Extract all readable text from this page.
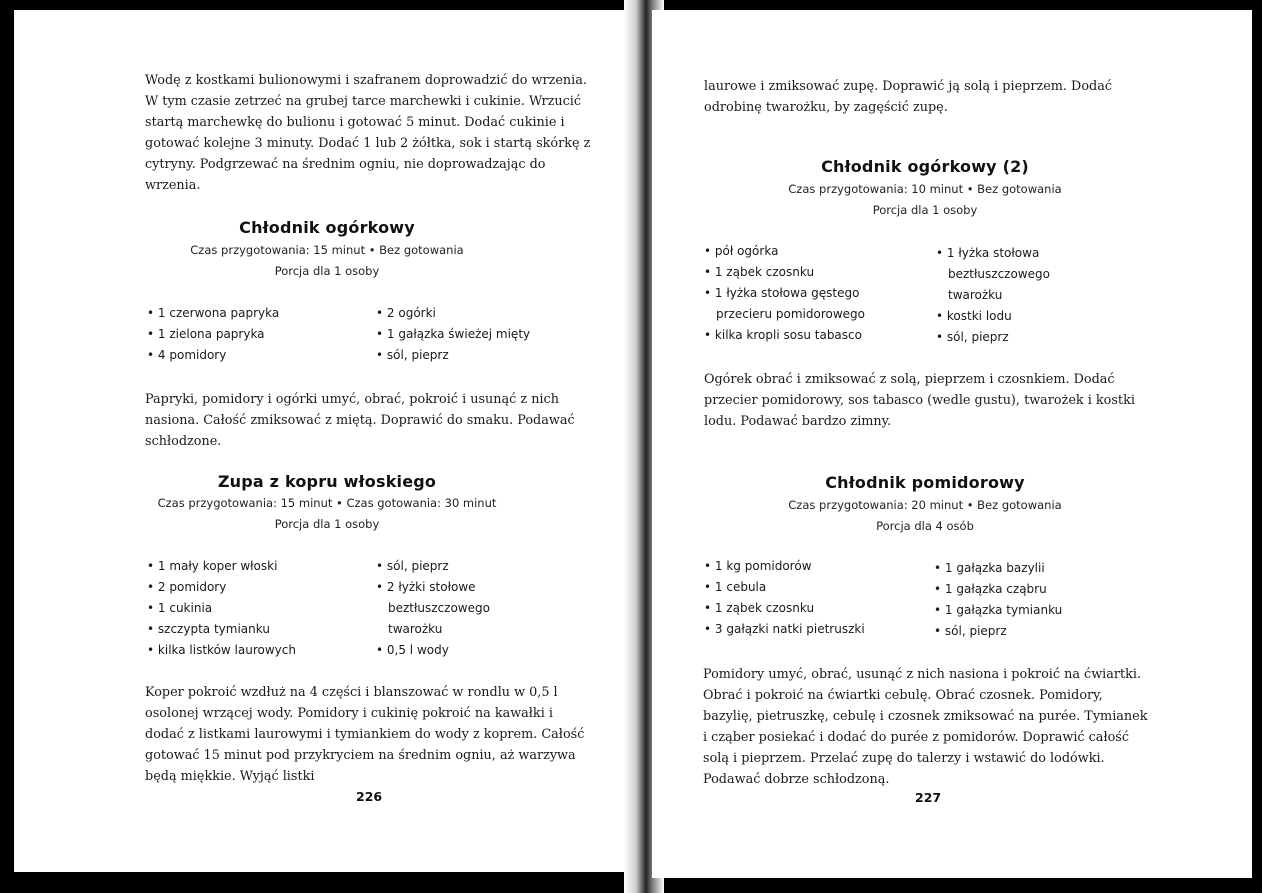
Wodę z kostkami bulionowymi i szafranem doprowadzić do wrzenia. W tym czasie zetrzeć na grubej tarce marchewki i cukinie. Wrzucić startą marchewkę do bulionu i gotować 5 minut. Dodać cukinie i gotować kolejne 3 minuty. Dodać 1 lub 2 żółtka, sok i startą skórkę z cytryny. Podgrzewać na średnim ogniu, nie doprowadzając do wrzenia.

Chłodnik ogórkowy

Czas przygotowania: 15 minut • Bez gotowania

Porcja dla 1 osoby

• 1 czerwona papryka
• 1 zielona papryka
• 4 pomidory
• 2 ogórki
• 1 gałązka świeżej mięty
• sól, pieprz

Papryki, pomidory i ogórki umyć, obrać, pokroić i usunąć z nich nasiona. Całość zmiksować z miętą. Doprawić do smaku. Podawać schłodzone.

Zupa z kopru włoskiego

Czas przygotowania: 15 minut • Czas gotowania: 30 minut

Porcja dla 1 osoby

• 1 mały koper włoski
• 2 pomidory
• 1 cukinia
• szczypta tymianku
• kilka listków laurowych
• sól, pieprz
• 2 łyżki stołowe beztłuszczowego twarożku
• 0,5 l wody

Koper pokroić wzdłuż na 4 części i blanszować w rondlu w 0,5 l osolonej wrzącej wody. Pomidory i cukinię pokroić na kawałki i dodać z listkami laurowymi i tymiankiem do wody z koprem. Całość gotować 15 minut pod przykryciem na średnim ogniu, aż warzywa będą miękkie. Wyjąć listki

226

laurowe i zmiksować zupę. Doprawić ją solą i pieprzem. Dodać odrobinę twarożku, by zagęścić zupę.

Chłodnik ogórkowy (2)

Czas przygotowania: 10 minut • Bez gotowania

Porcja dla 1 osoby

• pół ogórka
• 1 ząbek czosnku
• 1 łyżka stołowa gęstego przecieru pomidorowego
• kilka kropli sosu tabasco
• 1 łyżka stołowa beztłuszczowego twarożku
• kostki lodu
• sól, pieprz

Ogórek obrać i zmiksować z solą, pieprzem i czosnkiem. Dodać przecier pomidorowy, sos tabasco (wedle gustu), twarożek i kostki lodu. Podawać bardzo zimny.

Chłodnik pomidorowy

Czas przygotowania: 20 minut • Bez gotowania

Porcja dla 4 osób

• 1 kg pomidorów
• 1 cebula
• 1 ząbek czosnku
• 3 gałązki natki pietruszki
• 1 gałązka bazylii
• 1 gałązka cząbru
• 1 gałązka tymianku
• sól, pieprz

Pomidory umyć, obrać, usunąć z nich nasiona i pokroić na ćwiartki. Obrać i pokroić na ćwiartki cebulę. Obrać czosnek. Pomidory, bazylię, pietruszkę, cebulę i czosnek zmiksować na purée. Tymianek i cząber posiekać i dodać do purée z pomidorów. Doprawić całość solą i pieprzem. Przelać zupę do talerzy i wstawić do lodówki. Podawać dobrze schłodzoną.

227
